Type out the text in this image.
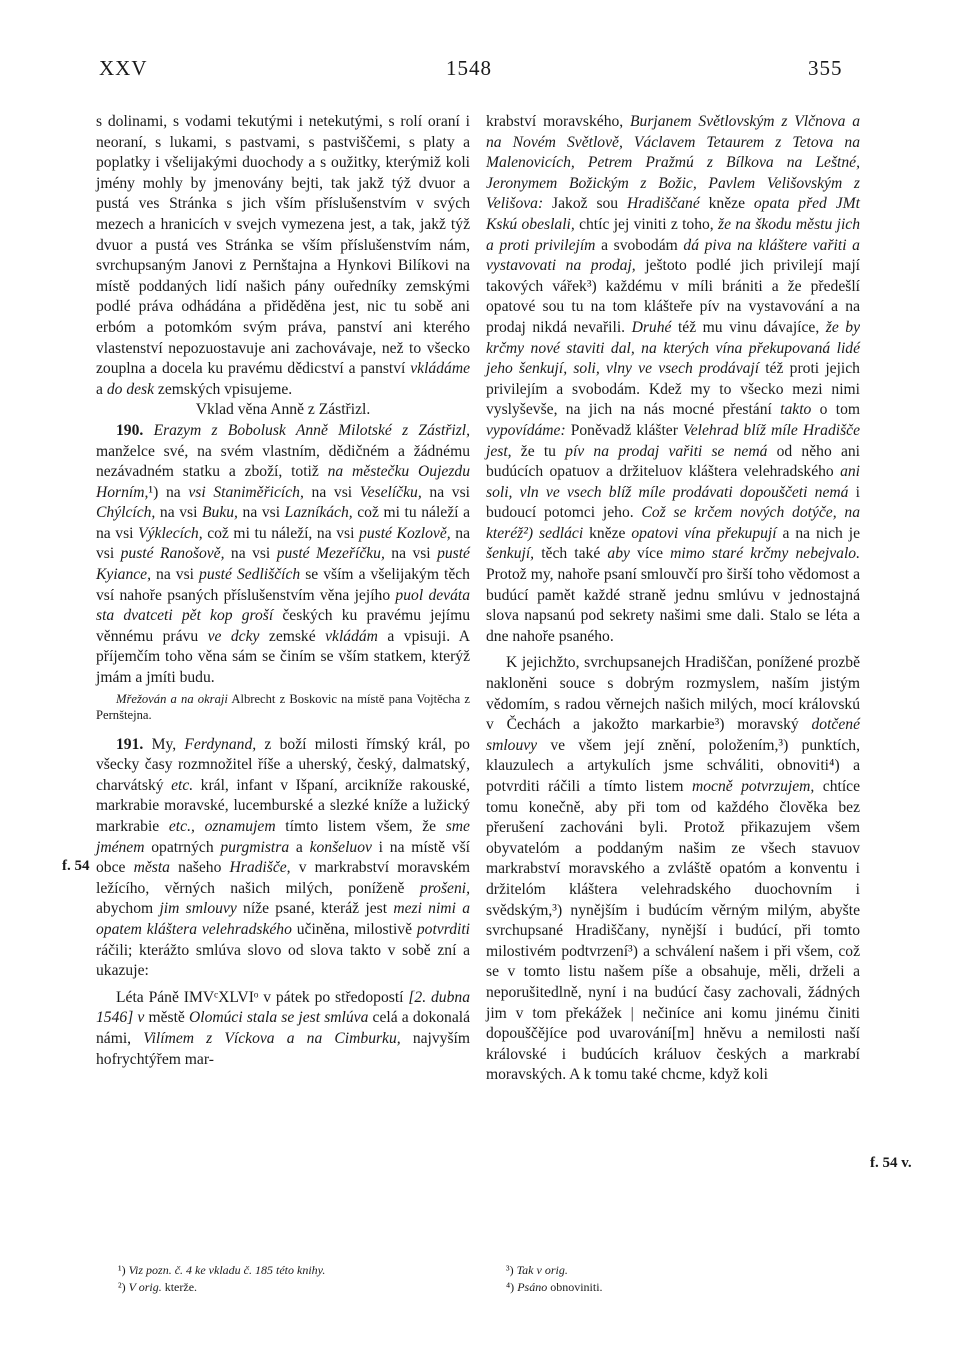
XXV	1548	355
f. 54
f. 54 v.

s dolinami, s vodami tekutými i netekutými, s rolí oraní i neoraní, s lukami, s pastvami, s pastviščemi, s platy a poplatky i všelijakými duochody a s oužitky, kterýmiž koli jmény mohly by jmenovány bejti, tak jakž týž dvuor a pustá ves Stránka s jich vším příslušenstvím v svých mezech a hranicích v svejch vymezena jest, a tak, jakž týž dvuor a pustá ves Stránka se vším příslušenstvím nám, svrchupsaným Janovi z Pernštajna a Hynkovi Bilíkovi na místě poddaných lidí našich pány ouředníky zemskými podlé práva odhádána a přiděděna jest, nic tu sobě ani erbóm a potomkóm svým práva, panství ani kterého vlastenství nepozuostavuje ani zachovávaje, než to všecko zouplna a docela ku pravému dědicství a panství vkládáme a do desk zemských vpisujeme.

Vklad věna Anně z Zástřizl.

190. Erazym z Bobolusk Anně Milotské z Zástřizl, manželce své, na svém vlastním, dědičném a žádnému nezávadném statku a zboží, totiž na městečku Oujezdu Horním,¹) na vsi Staniměřicích, na vsi Veselíčku, na vsi Chýlcích, na vsi Buku, na vsi Lazníkách, což mi tu náleží a na vsi Výklecích, což mi tu náleží, na vsi pusté Kozlově, na vsi pusté Ranošově, na vsi pusté Mezeříčku, na vsi pusté Kyiance, na vsi pusté Sedliščích se vším a všelijakým těch vsí nahoře psaných příslušenstvím věna jejího puol deváta sta dvatceti pět kop groší českých ku pravému jejímu věnnému právu ve dcky zemské vkládám a vpisuji. A příjemčím toho věna sám se činím se vším statkem, kterýž jmám a jmíti budu.

Mřežován a na okraji Albrecht z Boskovic na místě pana Vojtěcha z Pernštejna.

191. My, Ferdynand, z boží milosti římský král, po všecky časy rozmnožitel říše a uherský, český, dalmatský, charvátský etc. král, infant v Išpaní, arcikníže rakouské, markrabie moravské, lucemburské a slezké kníže a lužický markrabie etc., oznamujem tímto listem všem, že sme jménem opatrných purgmistra a konšeluov i na místě vší obce města našeho Hradišče, v markrabství moravském ležícího, věrných našich milých, poníženě prošeni, abychom jim smlouvy níže psané, kteráž jest mezi nimi a opatem kláštera velehradského učiněna, milostivě potvrditi ráčili; kterážto smlúva slovo od slova takto v sobě zní a ukazuje:

Léta Páně IMVᶜXLVIᵒ v pátek po středopostí [2. dubna 1546] v městě Olomúci stala se jest smlúva celá a dokonalá námi, Vilímem z Víckova a na Cimburku, najvyším hofrychtýřem mar-

krabství moravského, Burjanem Světlovským z Vlčnova a na Novém Světlově, Václavem Tetaurem z Tetova na Malenovicích, Petrem Pražmú z Bílkova na Leštné, Jeronymem Božickým z Božic, Pavlem Velišovským z Velišova: Jakož sou Hradiščané kněze opata před JMt Kskú obeslali, chtíc jej viniti z toho, že na škodu městu jich a proti privilejím a svobodám dá piva na kláštere vařiti a vystavovati na prodaj, ještoto podlé jich privilejí mají takových vářek³) každému v míli brániti a že předešlí opatové sou tu na tom klášteře pív na vystavování a na prodaj nikdá nevařili. Druhé též mu vinu dávajíce, že by krčmy nové staviti dal, na kterých vína překupovaná lidé jeho šenkují, soli, vlny ve vsech prodávají též proti jejich privilejím a svobodám. Kdež my to všecko mezi nimi vyslyševše, na jich na nás mocné přestání takto o tom vypovídáme: Poněvadž klášter Velehrad blíž míle Hradišče jest, že tu pív na prodaj vařiti se nemá od něho ani budúcích opatuov a držiteluov kláštera velehradského ani soli, vln ve vsech blíž míle prodávati dopouščeti nemá i budoucí potomci jeho. Což se krčem nových dotýče, na kteréž²) sedláci kněze opatovi vína překupují a na nich je šenkují, těch také aby více mimo staré krčmy nebejvalo. Protož my, nahoře psaní smlouvčí pro širší toho vědomost a budúcí pamět každé straně jednu smlúvu v jednostajná slova napsanú pod sekrety našimi sme dali. Stalo se léta a dne nahoře psaného.

K jejichžto, svrchupsanejch Hradiščan, ponížené prozbě nakloněni souce s dobrým rozmyslem, naším jistým vědomím, s radou věrnejch našich milých, mocí královskú v Čechách a jakožto markarbie³) moravský dotčené smlouvy ve všem její znění, položením,³) punktích, klauzulech a artykulích jsme schváliti, obnoviti⁴) a potvrditi ráčili a tímto listem mocně potvrzujem, chtíce tomu konečně, aby při tom od každého člověka bez přerušení zachováni byli. Protož přikazujem všem obyvatelóm a poddaným našim ze všech stavuov markrabství moravského a zvláště opatóm a konventu i držitelóm kláštera velehradského duochovním i svědským,³) nynějším i budúcím věrným milým, abyšte svrchupsané Hradiščany, nynější i budúcí, při tomto milostivém podtvrzení³) a schválení našem i při všem, což se v tomto listu našem píše a obsahuje, měli, drželi a neporušitedlně, nyní i na budúcí časy zachovali, žádných jim v tom překážek | nečiníce ani komu jinému činiti dopouščějíce pod uvarování[m] hněvu a nemilosti naší královské i budúcích králuov českých a markrabí moravských. A k tomu také chcme, když koli

¹) Viz pozn. č. 4 ke vkladu č. 185 této knihy.
²) V orig. kterže.
³) Tak v orig.
⁴) Psáno obnoviniti.
